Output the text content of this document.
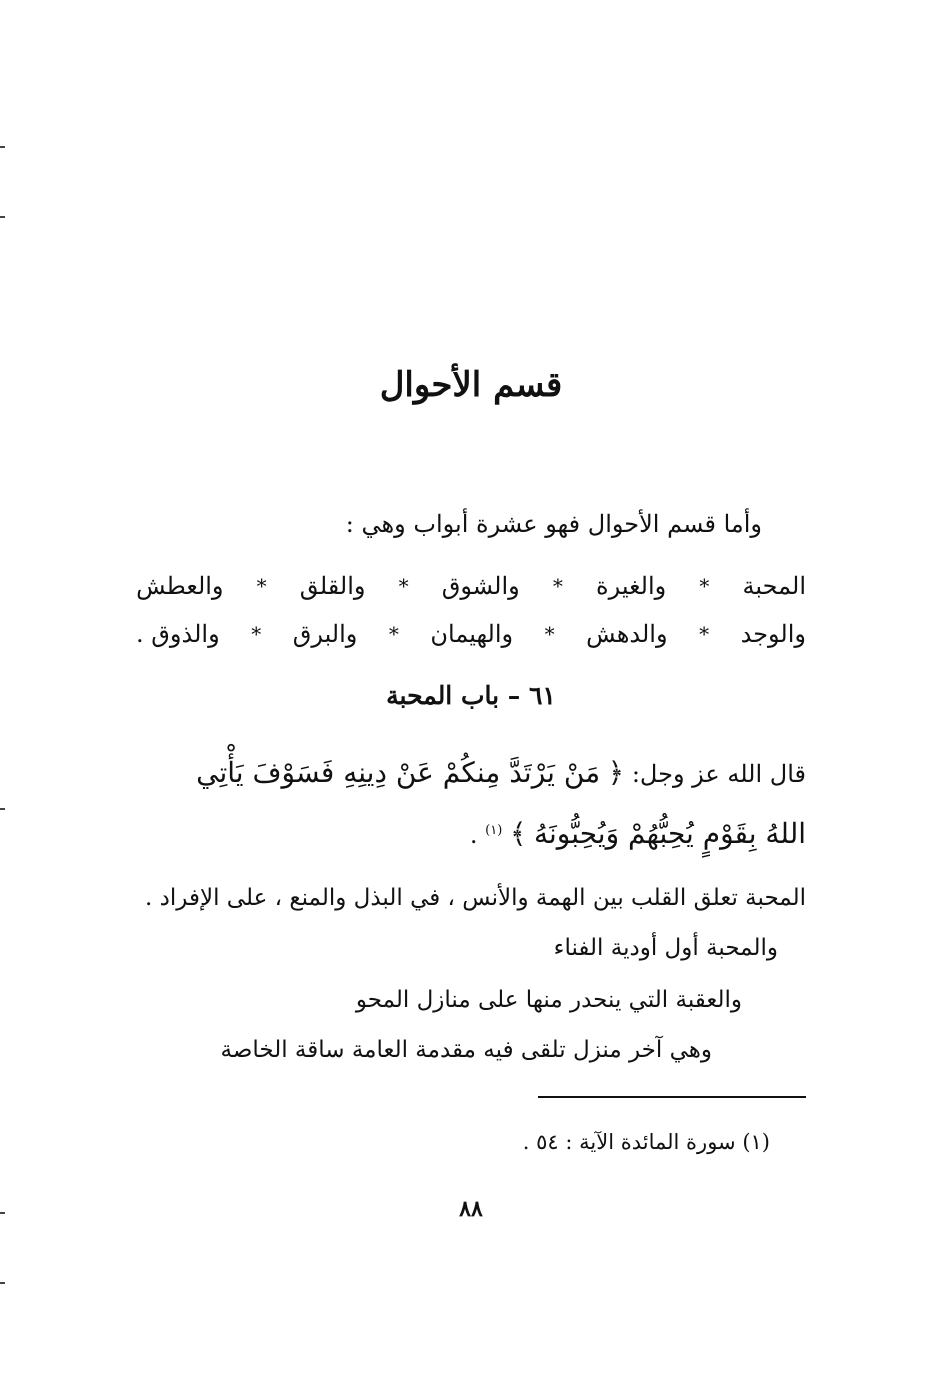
قسم الأحوال
وأما قسم الأحوال فهو عشرة أبواب وهي :
المحبة
*
والغيرة
*
والشوق
*
والقلق
*
والعطش
والوجد
*
والدهش
*
والهيمان
*
والبرق
*
والذوق .
٦١ – باب المحبة
قال الله عز وجل: ﴿ مَنْ يَرْتَدَّ مِنكُمْ عَنْ دِينِهِ فَسَوْفَ يَأْتِي
اللهُ بِقَوْمٍ يُحِبُّهُمْ وَيُحِبُّونَهُ ﴾ $^{(١)}$ .
المحبة تعلق القلب بين الهمة والأنس ، في البذل والمنع ، على الإفراد .
والمحبة أول أودية الفناء
والعقبة التي ينحدر منها على منازل المحو
وهي آخر منزل تلقى فيه مقدمة العامة ساقة الخاصة
(١) سورة المائدة الآية : ٥٤ .
٨٨
